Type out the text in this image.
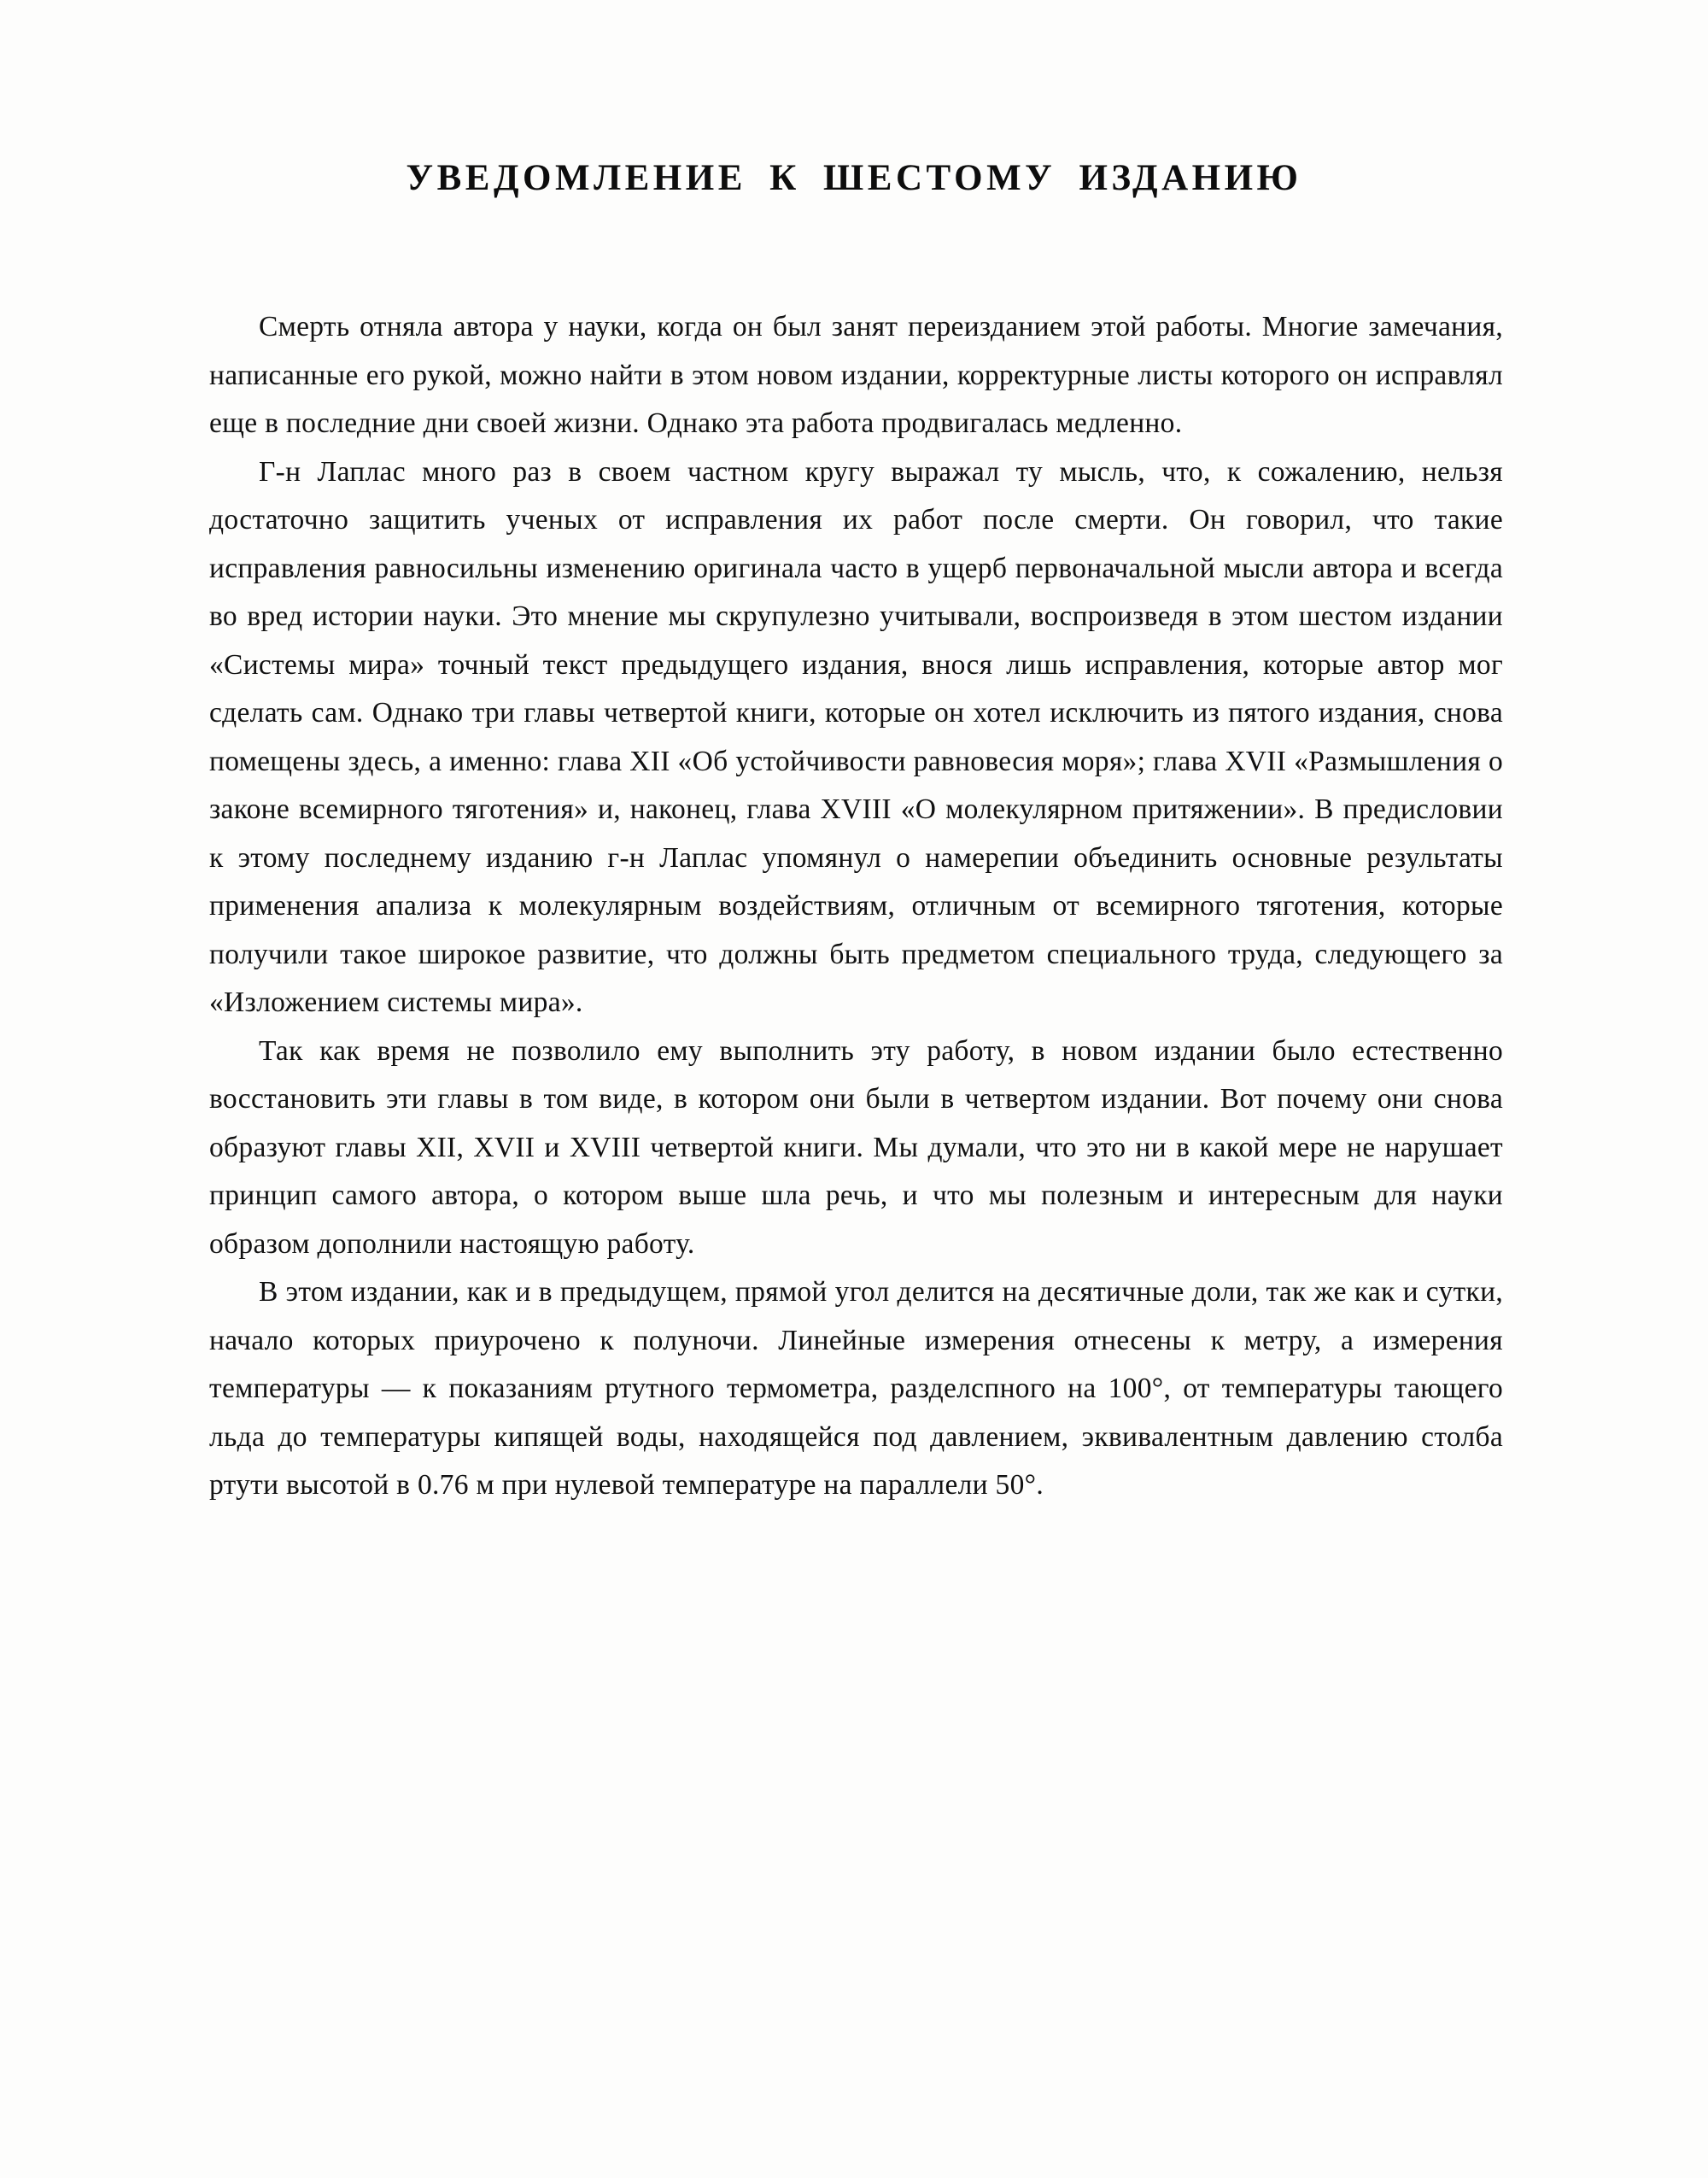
УВЕДОМЛЕНИЕ К ШЕСТОМУ ИЗДАНИЮ

Смерть отняла автора у науки, когда он был занят переизданием этой работы. Многие замечания, написанные его рукой, можно найти в этом новом издании, корректурные листы которого он исправлял еще в последние дни своей жизни. Однако эта работа продвигалась медленно.

Г-н Лаплас много раз в своем частном кругу выражал ту мысль, что, к сожалению, нельзя достаточно защитить ученых от исправления их работ после смерти. Он говорил, что такие исправления равносильны изменению оригинала часто в ущерб первоначальной мысли автора и всегда во вред истории науки. Это мнение мы скрупулезно учитывали, воспроизведя в этом шестом издании «Системы мира» точный текст предыдущего издания, внося лишь исправления, которые автор мог сделать сам. Однако три главы четвертой книги, которые он хотел исключить из пятого издания, снова помещены здесь, а именно: глава XII «Об устойчивости равновесия моря»; глава XVII «Размышления о законе всемирного тяготения» и, наконец, глава XVIII «О молекулярном притяжении». В предисловии к этому последнему изданию г-н Лаплас упомянул о намерепии объединить основные результаты применения апализа к молекулярным воздействиям, отличным от всемирного тяготения, которые получили такое широкое развитие, что должны быть предметом специального труда, следующего за «Изложением системы мира».

Так как время не позволило ему выполнить эту работу, в новом издании было естественно восстановить эти главы в том виде, в котором они были в четвертом издании. Вот почему они снова образуют главы XII, XVII и XVIII четвертой книги. Мы думали, что это ни в какой мере не нарушает принцип самого автора, о котором выше шла речь, и что мы полезным и интересным для науки образом дополнили настоящую работу.

В этом издании, как и в предыдущем, прямой угол делится на десятичные доли, так же как и сутки, начало которых приурочено к полуночи. Линейные измерения отнесены к метру, а измерения температуры — к показаниям ртутного термометра, разделспного на 100°, от температуры тающего льда до температуры кипящей воды, находящейся под давлением, эквивалентным давлению столба ртути высотой в 0.76 м при нулевой температуре на параллели 50°.
